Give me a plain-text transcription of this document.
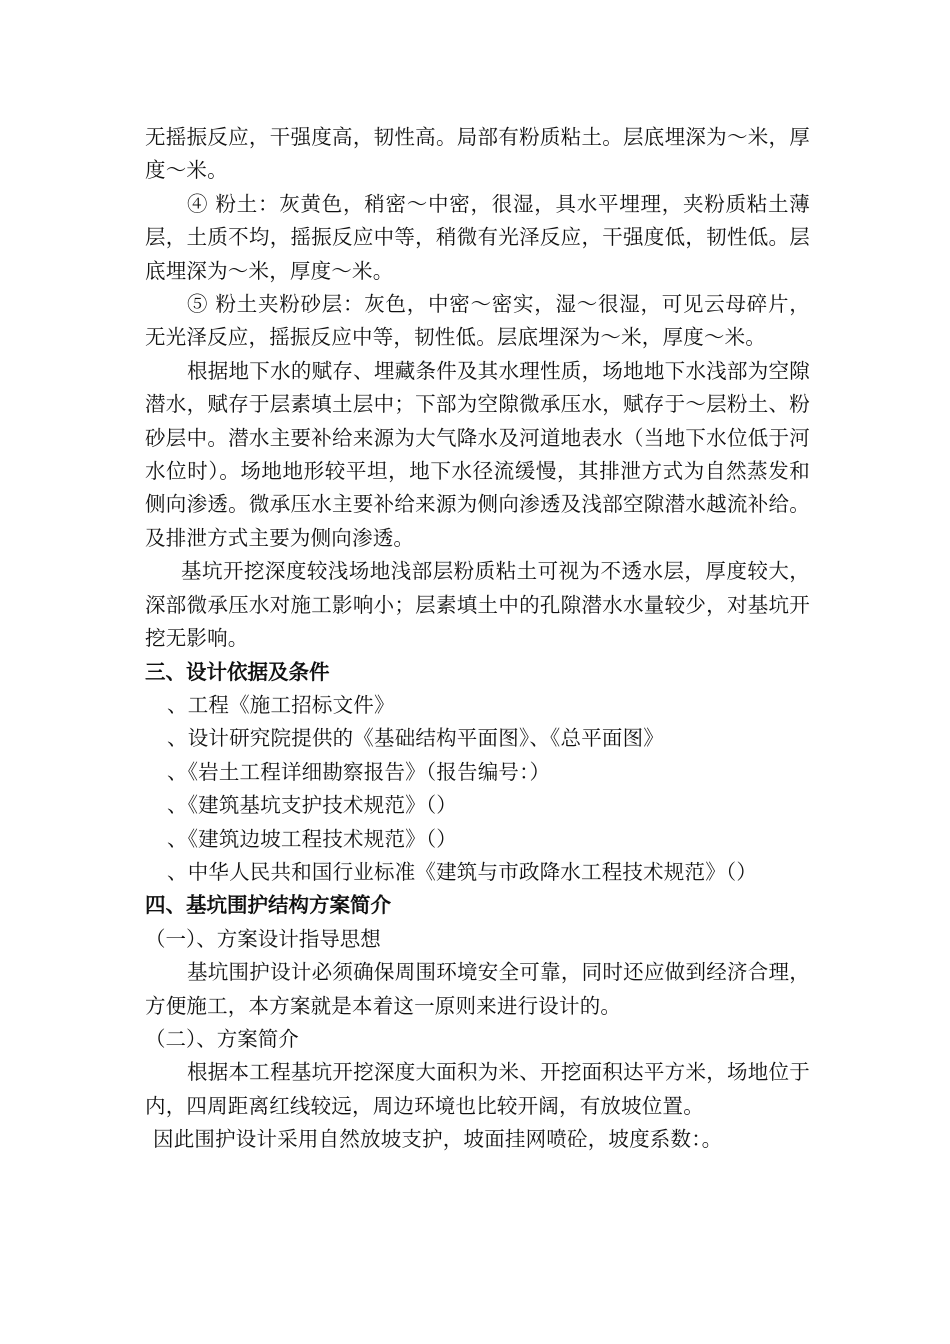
无摇振反应，干强度高，韧性高。局部有粉质粘土。层底埋深为～米，厚度～米。

④ 粉土：灰黄色，稍密～中密，很湿，具水平埋理，夹粉质粘土薄层，土质不均，摇振反应中等，稍微有光泽反应，干强度低，韧性低。层底埋深为～米，厚度～米。

⑤ 粉土夹粉砂层：灰色，中密～密实，湿～很湿，可见云母碎片，无光泽反应，摇振反应中等，韧性低。层底埋深为～米，厚度～米。

根据地下水的赋存、埋藏条件及其水理性质，场地地下水浅部为空隙潜水，赋存于层素填土层中；下部为空隙微承压水，赋存于～层粉土、粉砂层中。潜水主要补给来源为大气降水及河道地表水（当地下水位低于河水位时）。场地地形较平坦，地下水径流缓慢，其排泄方式为自然蒸发和侧向渗透。微承压水主要补给来源为侧向渗透及浅部空隙潜水越流补给。及排泄方式主要为侧向渗透。

基坑开挖深度较浅场地浅部层粉质粘土可视为不透水层，厚度较大，深部微承压水对施工影响小；层素填土中的孔隙潜水水量较少，对基坑开挖无影响。

三、设计依据及条件

、工程《施工招标文件》

、设计研究院提供的《基础结构平面图》、《总平面图》

、《岩土工程详细勘察报告》（报告编号：）

、《建筑基坑支护技术规范》（）

、《建筑边坡工程技术规范》（）

、中华人民共和国行业标准《建筑与市政降水工程技术规范》（）

四、基坑围护结构方案简介

（一）、方案设计指导思想

基坑围护设计必须确保周围环境安全可靠，同时还应做到经济合理，方便施工，本方案就是本着这一原则来进行设计的。

（二）、方案简介

根据本工程基坑开挖深度大面积为米、开挖面积达平方米，场地位于内，四周距离红线较远，周边环境也比较开阔，有放坡位置。

因此围护设计采用自然放坡支护，坡面挂网喷砼，坡度系数：。
